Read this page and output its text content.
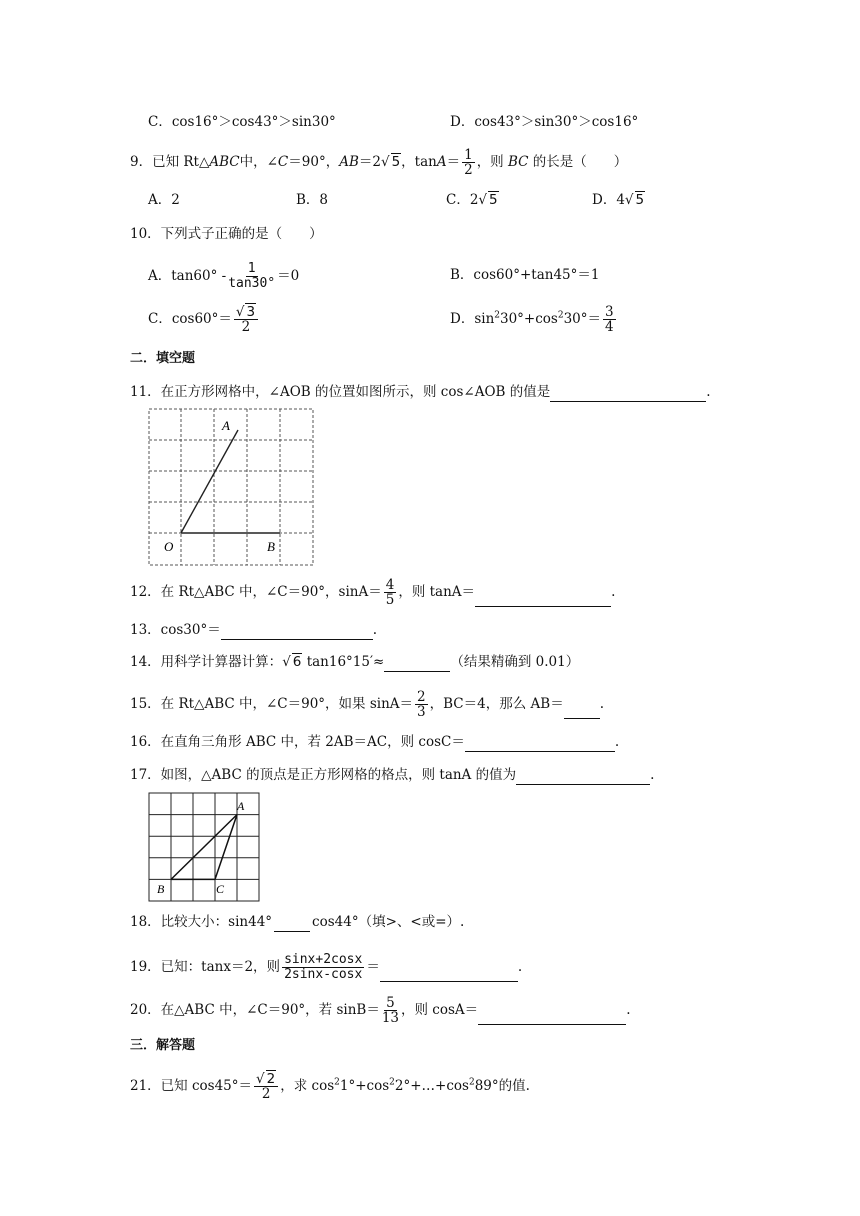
C．cos16°＞cos43°＞sin30°	D．cos43°＞sin30°＞cos16°
9．已知 Rt△ABC中，∠C＝90°，AB＝2√ 5，$\tan A= \frac{1}{2}$ ，则 BC 的长是（　　）
A．2	B．8	C．2√ 5	D．4√ 5
10．下列式子正确的是（　　）
A．$\tan 60^\circ - \frac{1}{\tan 30^\circ} =0$	B．cos60°+tan45°＝1
C．$\cos 60^\circ= \frac{√ 3}{2}$	D．$\sin^230^\circ+\cos^230^\circ= \frac{3}{4}$
二．填空题
11．在正方形网格中，∠AOB 的位置如图所示，则 cos∠AOB 的值是	.
A
O	B
12．在 Rt△ABC 中，∠C＝90°，$\sin A= \frac{4}{5}$ ，则 tanA＝	.
13．cos30°＝	.
14．用科学计算器计算：√ 6 tan16°15′≈	（结果精确到 0.01）
15．在 Rt△ABC 中，∠C＝90°，如果 $\sin A= \frac{2}{3}$ ，BC＝4，那么 AB＝	.
16．在直角三角形 ABC 中，若 2AB＝AC，则 cosC＝	.
17．如图，△ABC 的顶点是正方形网格的格点，则 tanA 的值为	.
A
B	C
18．比较大小：sin44°	cos44°（填>、<或=）.
19．已知：tanx＝2，则 $\frac{\sin x+2\cos x}{2\sin x-\cos x}$ ＝	.
20．在△ABC 中，∠C＝90°，若 $\sin B= \frac{5}{13}$ ，则 cosA＝	.
三．解答题
21．已知 $\cos 45^\circ= \frac{√ 2}{2}$ ，求 $\cos^21^\circ+\cos^22^\circ+\dots+\cos^289^\circ$的值.
